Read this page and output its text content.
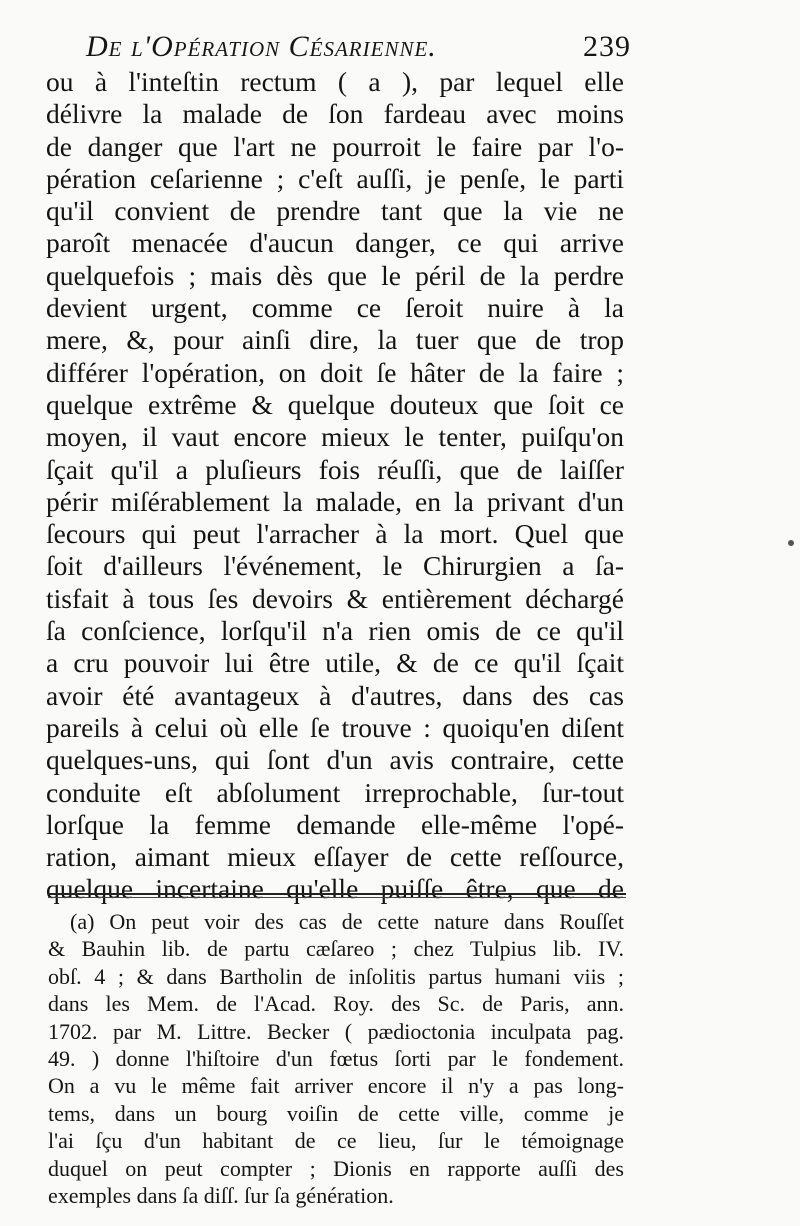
De l'Opération Césarienne.	239
ou à l'inteſtin rectum ( a ), par lequel elle
délivre la malade de ſon fardeau avec moins
de danger que l'art ne pourroit le faire par l'o-
pération ceſarienne ; c'eſt auſſi, je penſe, le parti
qu'il convient de prendre tant que la vie ne
paroît menacée d'aucun danger, ce qui arrive
quelquefois ; mais dès que le péril de la perdre
devient urgent, comme ce ſeroit nuire à la
mere, &, pour ainſi dire, la tuer que de trop
différer l'opération, on doit ſe hâter de la faire ;
quelque extrême & quelque douteux que ſoit ce
moyen, il vaut encore mieux le tenter, puiſqu'on
ſçait qu'il a pluſieurs fois réuſſi, que de laiſſer
périr miſérablement la malade, en la privant d'un
ſecours qui peut l'arracher à la mort. Quel que
ſoit d'ailleurs l'événement, le Chirurgien a ſa-
tisfait à tous ſes devoirs & entièrement déchargé
ſa conſcience, lorſqu'il n'a rien omis de ce qu'il
a cru pouvoir lui être utile, & de ce qu'il ſçait
avoir été avantageux à d'autres, dans des cas
pareils à celui où elle ſe trouve : quoiqu'en diſent
quelques-uns, qui ſont d'un avis contraire, cette
conduite eſt abſolument irreprochable, ſur-tout
lorſque la femme demande elle-même l'opé-
ration, aimant mieux eſſayer de cette reſſource,
quelque incertaine qu'elle puiſſe être, que de
(a) On peut voir des cas de cette nature dans Rouſſet
& Bauhin lib. de partu cæſareo ; chez Tulpius lib. IV.
obſ. 4 ; & dans Bartholin de inſolitis partus humani viis ;
dans les Mem. de l'Acad. Roy. des Sc. de Paris, ann.
1702. par M. Littre. Becker ( pædioctonia inculpata pag.
49. ) donne l'hiſtoire d'un fœtus ſorti par le fondement.
On a vu le même fait arriver encore il n'y a pas long-
tems, dans un bourg voiſin de cette ville, comme je
l'ai ſçu d'un habitant de ce lieu, ſur le témoignage
duquel on peut compter ; Dionis en rapporte auſſi des
exemples dans ſa diſſ. ſur ſa génération.
